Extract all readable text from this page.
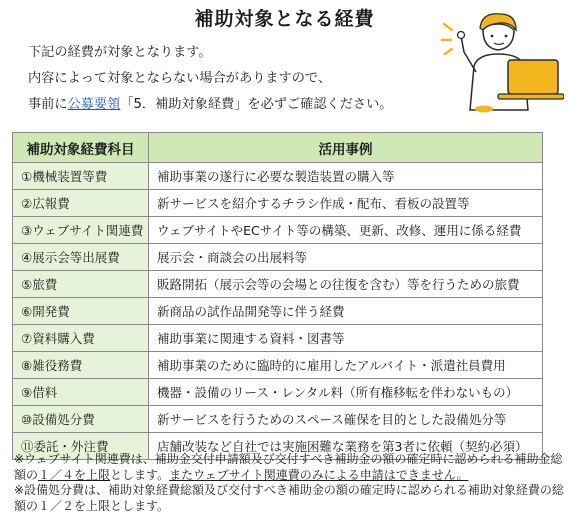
補助対象となる経費
下記の経費が対象となります。
内容によって対象とならない場合がありますので、
事前に公募要領「5．補助対象経費」を必ずご確認ください。
補助対象経費科目	活用事例
①機械装置等費	補助事業の遂行に必要な製造装置の購入等
②広報費	新サービスを紹介するチラシ作成・配布、看板の設置等
③ウェブサイト関連費	ウェブサイトやECサイト等の構築、更新、改修、運用に係る経費
④展示会等出展費	展示会・商談会の出展料等
⑤旅費	販路開拓（展示会等の会場との往復を含む）等を行うための旅費
⑥開発費	新商品の試作品開発等に伴う経費
⑦資料購入費	補助事業に関連する資料・図書等
⑧雑役務費	補助事業のために臨時的に雇用したアルバイト・派遣社員費用
⑨借料	機器・設備のリース・レンタル料（所有権移転を伴わないもの）
⑩設備処分費	新サービスを行うためのスペース確保を目的とした設備処分等
⑪委託・外注費	店舗改装など自社では実施困難な業務を第3者に依頼（契約必須）
※ウェブサイト関連費は、補助金交付申請額及び交付すべき補助金の額の確定時に認められる補助金総額の１／４を上限とします。またウェブサイト関連費のみによる申請はできません。
※設備処分費は、補助対象経費総額及び交付すべき補助金の額の確定時に認められる補助対象経費の総額の１／２を上限とします。
